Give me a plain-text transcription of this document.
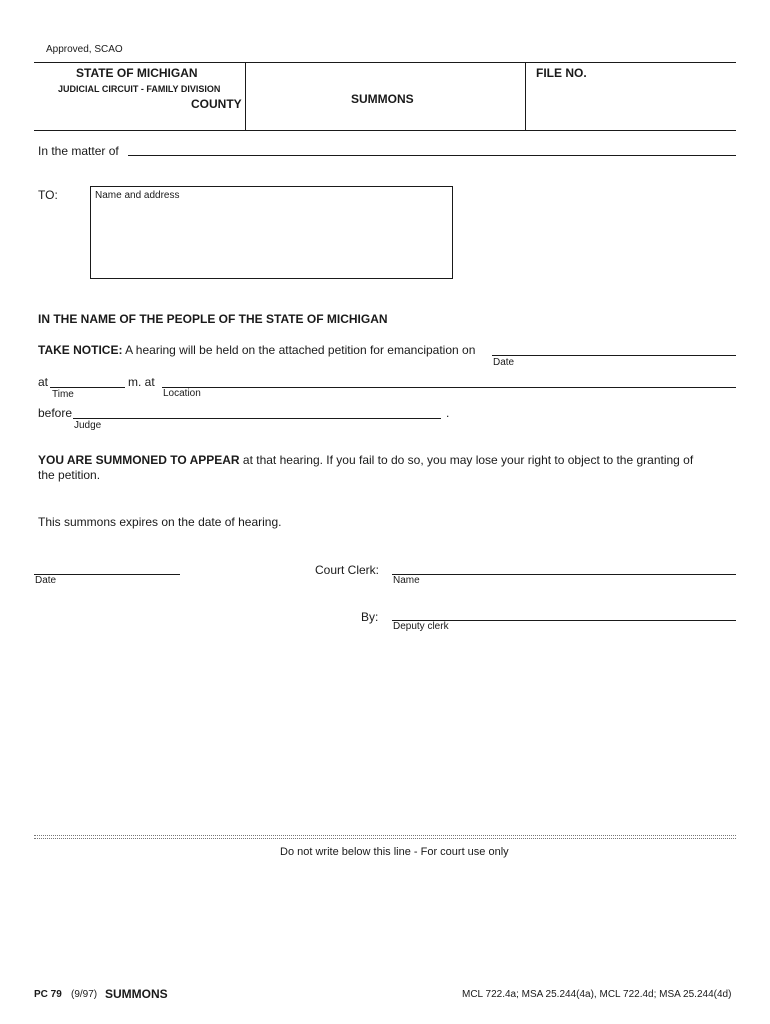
Approved, SCAO
STATE OF MICHIGAN
JUDICIAL CIRCUIT - FAMILY DIVISION
COUNTY	SUMMONS
FILE NO.
In the matter of
TO:	Name and address
IN THE NAME OF THE PEOPLE OF THE STATE OF MICHIGAN
TAKE NOTICE: A hearing will be held on the attached petition for emancipation on
Date
at
Time
m. at
Location
before	.
Judge
YOU ARE SUMMONED TO APPEAR at that hearing. If you fail to do so, you may lose your right to object to the granting of
the petition.
This summons expires on the date of hearing.
Date
Court Clerk:
Name
By:
Deputy clerk
Do not write below this line - For court use only
PC 79 (9/97) SUMMONS	MCL 722.4a; MSA 25.244(4a), MCL 722.4d; MSA 25.244(4d)
